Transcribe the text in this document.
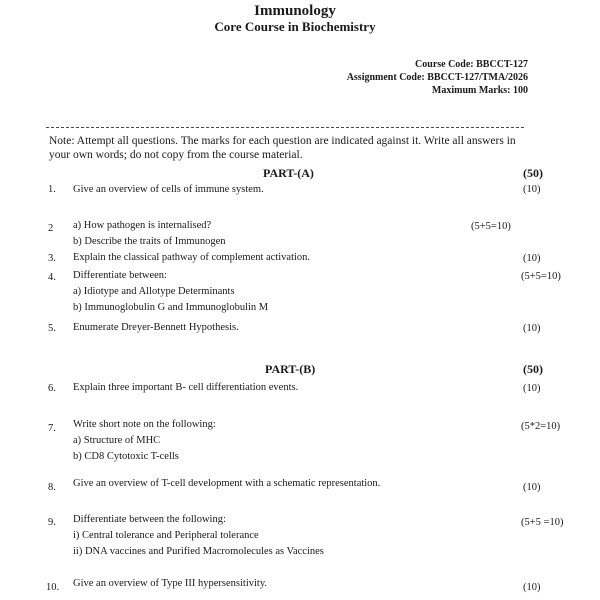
Immunology
Core Course in Biochemistry
Course Code: BBCCT-127
Assignment Code: BBCCT-127/TMA/2026
Maximum Marks: 100
Note: Attempt all questions. The marks for each question are indicated against it. Write all answers in your own words; do not copy from the course material.
PART-(A)	(50)
1. Give an overview of cells of immune system.	(10)
2 a) How pathogen is internalised?
b) Describe the traits of Immunogen
(5+5=10)
3. Explain the classical pathway of complement activation.	(10)
4. Differentiate between:
a) Idiotype and Allotype Determinants
b) Immunoglobulin G and Immunoglobulin M
(5+5=10)
5. Enumerate Dreyer-Bennett Hypothesis.	(10)
PART-(B)	(50)
6. Explain three important B- cell differentiation events.	(10)
7. Write short note on the following:
a) Structure of MHC
b) CD8 Cytotoxic T-cells
(5*2=10)
8. Give an overview of T-cell development with a schematic representation.	(10)
9. Differentiate between the following:
i) Central tolerance and Peripheral tolerance
ii) DNA vaccines and Purified Macromolecules as Vaccines
(5+5 =10)
10. Give an overview of Type III hypersensitivity.	(10)
